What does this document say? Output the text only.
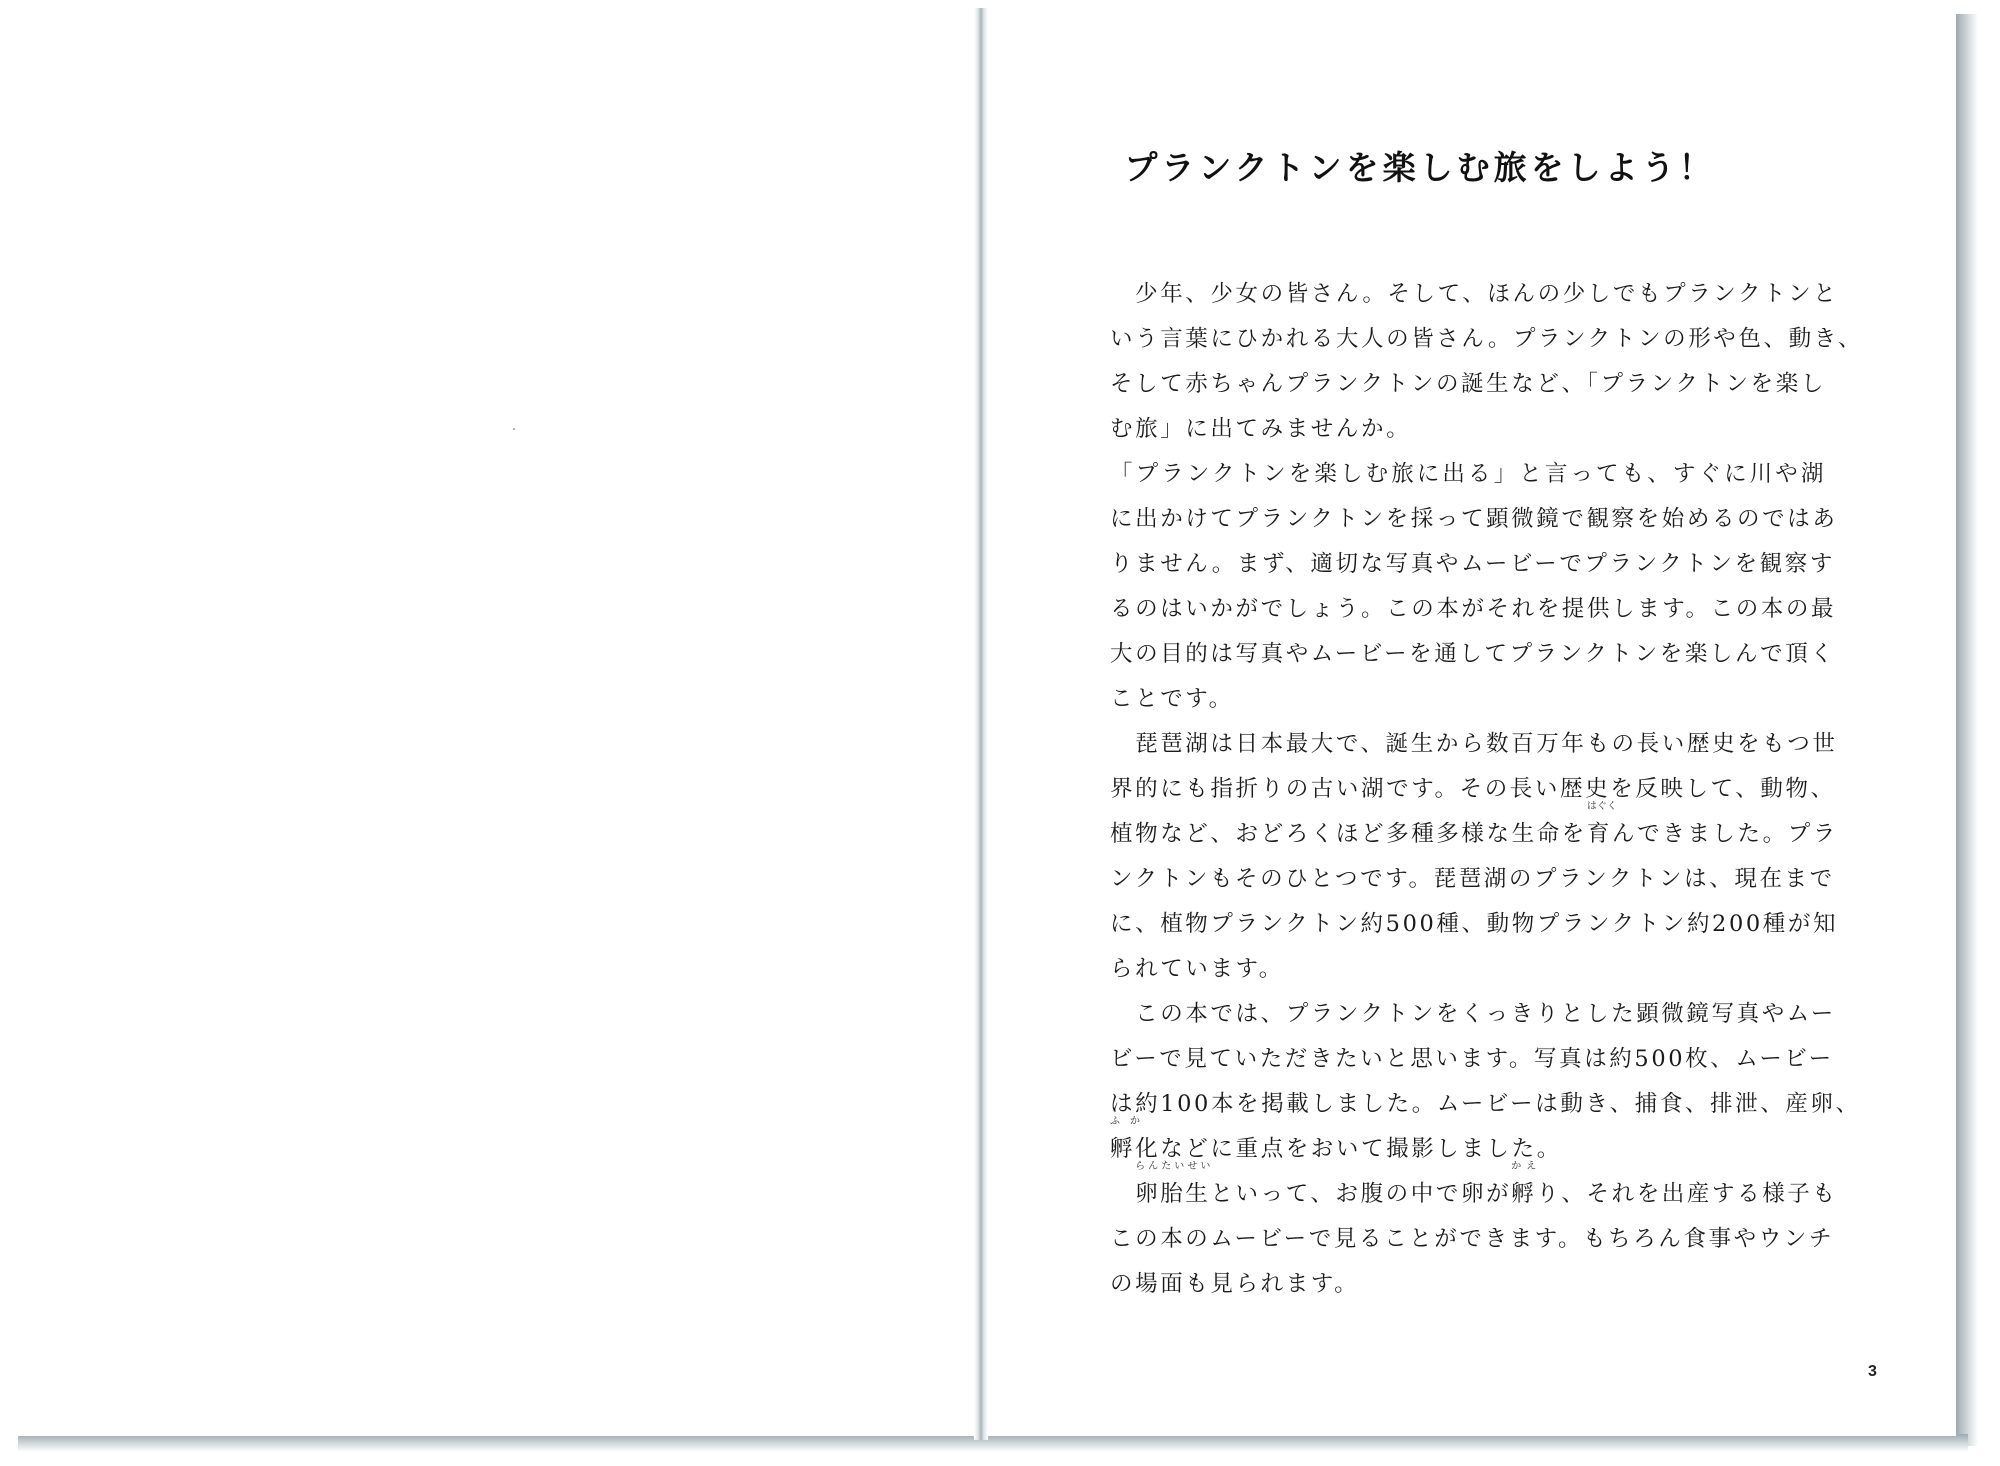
プランクトンを楽しむ旅をしよう！
　少年、少女の皆さん。そして、ほんの少しでもプランクトンと
いう言葉にひかれる大人の皆さん。プランクトンの形や色、動き、
そして赤ちゃんプランクトンの誕生など、「プランクトンを楽し
む旅」に出てみませんか。
「プランクトンを楽しむ旅に出る」と言っても、すぐに川や湖
に出かけてプランクトンを採って顕微鏡で観察を始めるのではあ
りません。まず、適切な写真やムービーでプランクトンを観察す
るのはいかがでしょう。この本がそれを提供します。この本の最
大の目的は写真やムービーを通してプランクトンを楽しんで頂く
ことです。
　琵琶湖は日本最大で、誕生から数百万年もの長い歴史をもつ世
界的にも指折りの古い湖です。その長い歴史を反映して、動物、
植物など、おどろくほど多種多様な生命を
はぐく
育んできました。プラ
ンクトンもそのひとつです。琵琶湖のプランクトンは、現在まで
に、植物プランクトン約500種、動物プランクトン約200種が知
られています。
　この本では、プランクトンをくっきりとした顕微鏡写真やムー
ビーで見ていただきたいと思います。写真は約500枚、ムービー
は約100本を掲載しました。ムービーは動き、捕食、排泄、産卵、
ふ　か
孵化などに重点をおいて撮影しました。

らんたいせい
卵胎生といって、お腹の中で卵が
かえ
孵り、それを出産する様子も
この本のムービーで見ることができます。もちろん食事やウンチ
の場面も見られます。
3
